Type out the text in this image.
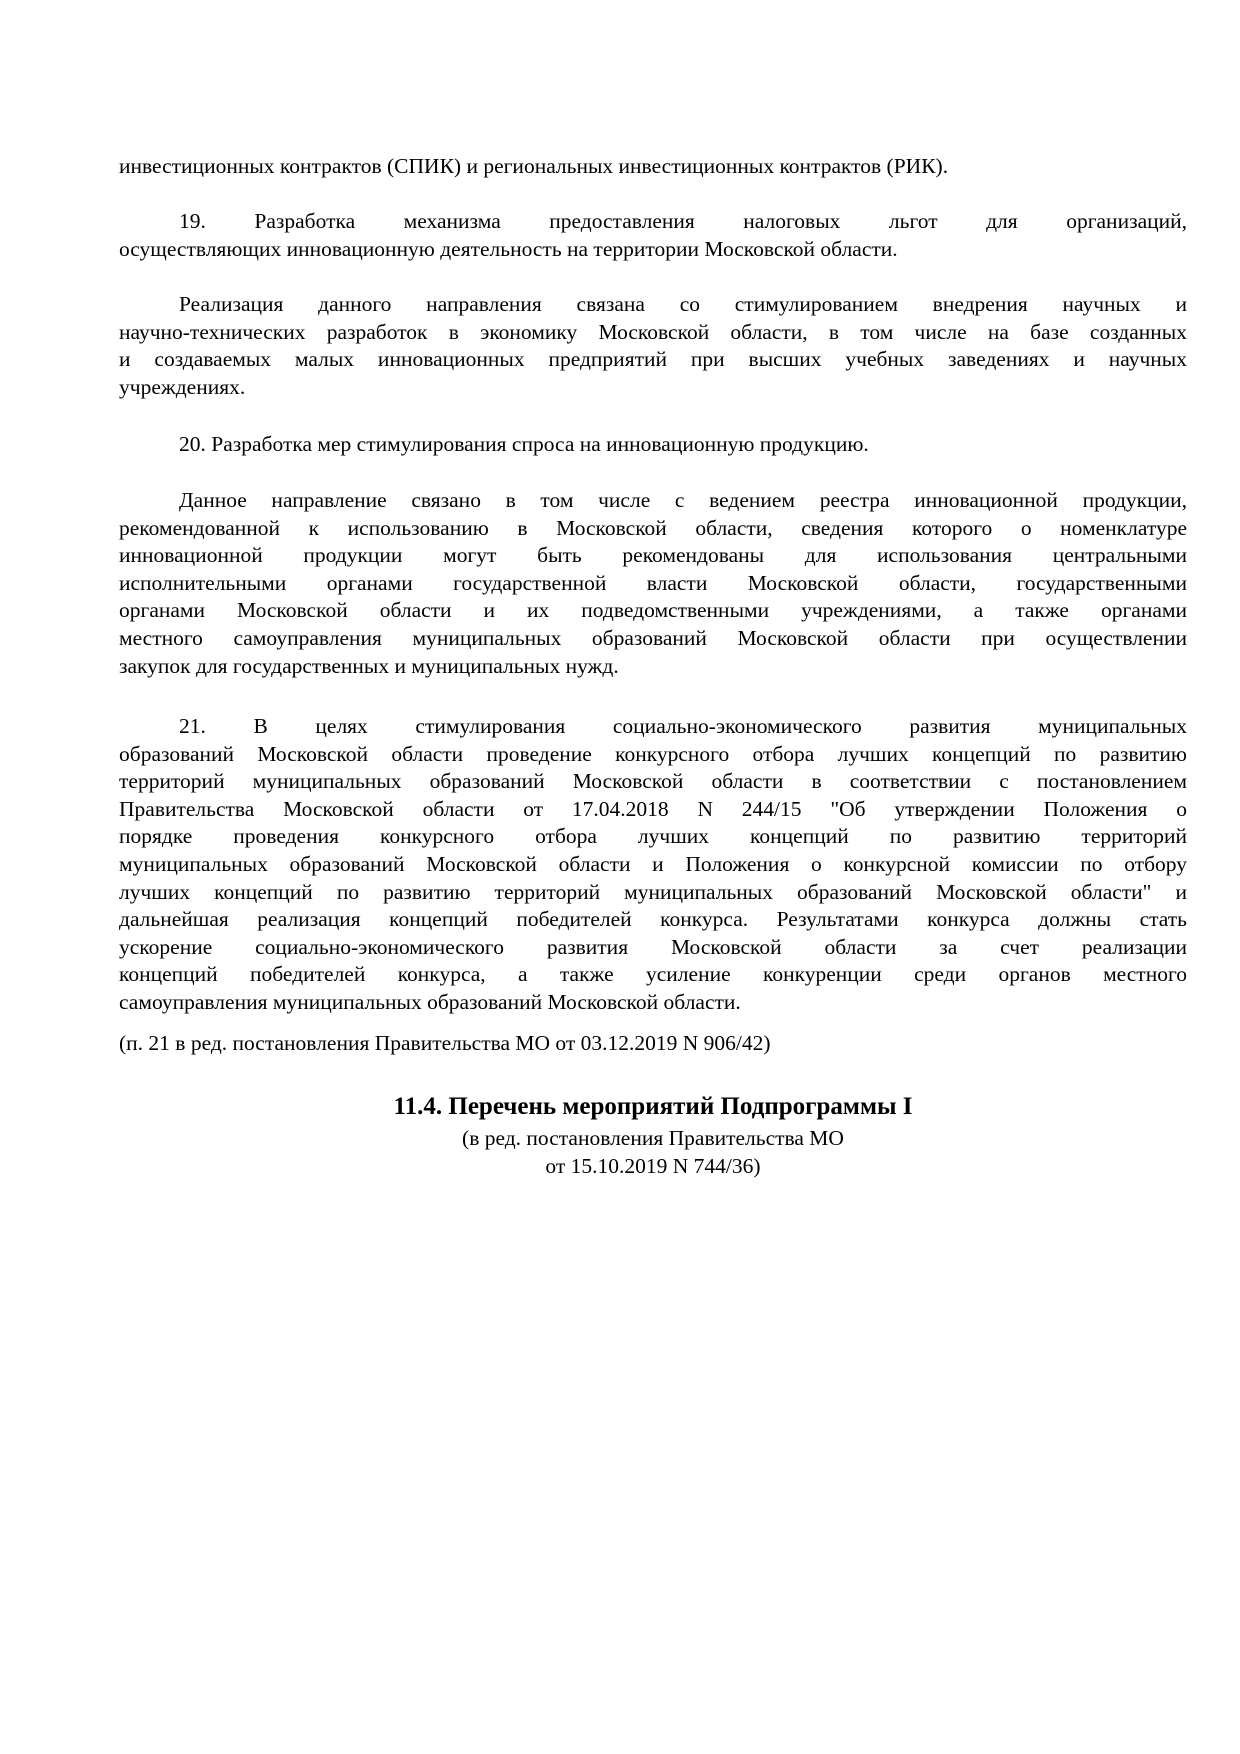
инвестиционных контрактов (СПИК) и региональных инвестиционных контрактов (РИК).
19. Разработка механизма предоставления налоговых льгот для организаций,
осуществляющих инновационную деятельность на территории Московской области.
Реализация данного направления связана со стимулированием внедрения научных и
научно-технических разработок в экономику Московской области, в том числе на базе созданных
и создаваемых малых инновационных предприятий при высших учебных заведениях и научных
учреждениях.
20. Разработка мер стимулирования спроса на инновационную продукцию.
Данное направление связано в том числе с ведением реестра инновационной продукции,
рекомендованной к использованию в Московской области, сведения которого о номенклатуре
инновационной продукции могут быть рекомендованы для использования центральными
исполнительными органами государственной власти Московской области, государственными
органами Московской области и их подведомственными учреждениями, а также органами
местного самоуправления муниципальных образований Московской области при осуществлении
закупок для государственных и муниципальных нужд.
21. В целях стимулирования социально-экономического развития муниципальных
образований Московской области проведение конкурсного отбора лучших концепций по развитию
территорий муниципальных образований Московской области в соответствии с постановлением
Правительства Московской области от 17.04.2018 N 244/15 "Об утверждении Положения о
порядке проведения конкурсного отбора лучших концепций по развитию территорий
муниципальных образований Московской области и Положения о конкурсной комиссии по отбору
лучших концепций по развитию территорий муниципальных образований Московской области" и
дальнейшая реализация концепций победителей конкурса. Результатами конкурса должны стать
ускорение социально-экономического развития Московской области за счет реализации
концепций победителей конкурса, а также усиление конкуренции среди органов местного
самоуправления муниципальных образований Московской области.
(п. 21 в ред. постановления Правительства МО от 03.12.2019 N 906/42)
11.4. Перечень мероприятий Подпрограммы I
(в ред. постановления Правительства МО
от 15.10.2019 N 744/36)
